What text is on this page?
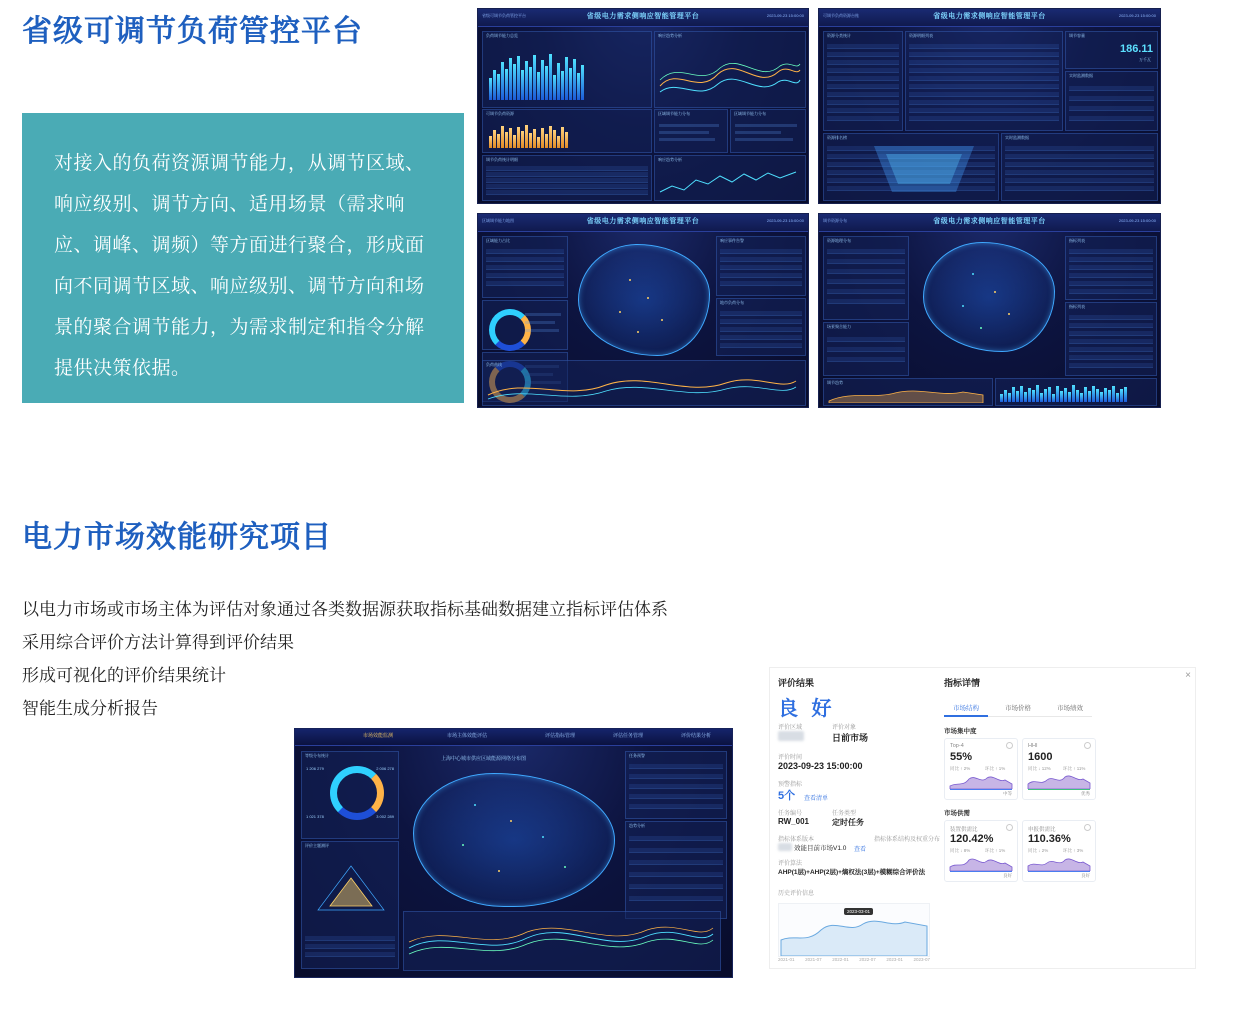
省级可调节负荷管控平台
对接入的负荷资源调节能力，从调节区域、响应级别、调节方向、适用场景（需求响应、调峰、调频）等方面进行聚合，形成面向不同调节区域、响应级别、调节方向和场景的聚合调节能力，为需求制定和指令分解提供决策依据。
省级可调节负荷管控平台	省级电力需求侧响应智能管理平台	2023-09-23 15:00:00
负荷调节能力总览	响应趋势分析
可调节负荷资源	区域调节能力分布	区域调节能力分布
调节负荷统计明细	响应趋势分析
可调节负荷资源台账	省级电力需求侧响应智能管理平台	2023-09-23 15:00:00
资源分类统计	资源明细列表	调节容量
186.11
万千瓦
实时监测数据
资源排名榜	实时监测数据
区域调节能力地图	省级电力需求侧响应智能管理平台	2023-09-23 15:00:00
区域能力占比	响应事件告警
地市负荷分布
负荷曲线
调节资源分布	省级电力需求侧响应智能管理平台	2023-09-23 15:00:00
资源地理分布
场景聚合能力
指标列表
指标列表
调节趋势
电力市场效能研究项目
以电力市场或市场主体为评估对象通过各类数据源获取指标基础数据建立指标评估体系
采用综合评价方法计算得到评价结果
形成可视化的评价结果统计
智能生成分析报告
市场效能监测	市场主体效能评估	评估指标管理	评估任务管理	评价结果分析
等级分布统计
1 206 279	2 006 278
1 021 378	3 002 289
评价主题测评
上海中心城市供应区域能源网络分布图
任务预警
趋势分析
×
评价结果
良 好
评价区域	评价对象
日前市场
评价时间
2023-09-23 15:00:00
预警指标
5个 查看清单
任务编号
RW_001
任务类型
定时任务
指标体系版本
效能目前市场V1.0 查看
指标体系结构及权重分布
评价算法
AHP(1层)+AHP(2层)+熵权法(3层)+模糊综合评价法
历史评价信息
2023-03-01
2021-01 2021-07 2022-01 2022-07 2023-01 2023-07
指标详情
市场结构	市场价格	市场绩效
市场集中度
Top-4
55%
同比 ↑ 2%	环比 ↑ 1%
中等
HHI
1600
同比 ↓ 12%	环比 ↑ 11%
优秀
市场供需
装置供需比
120.42%
同比 ↓ 8%	环比 ↑ 1%
良好
申报供需比
110.36%
同比 ↓ 2%	环比 ↑ 3%
良好
